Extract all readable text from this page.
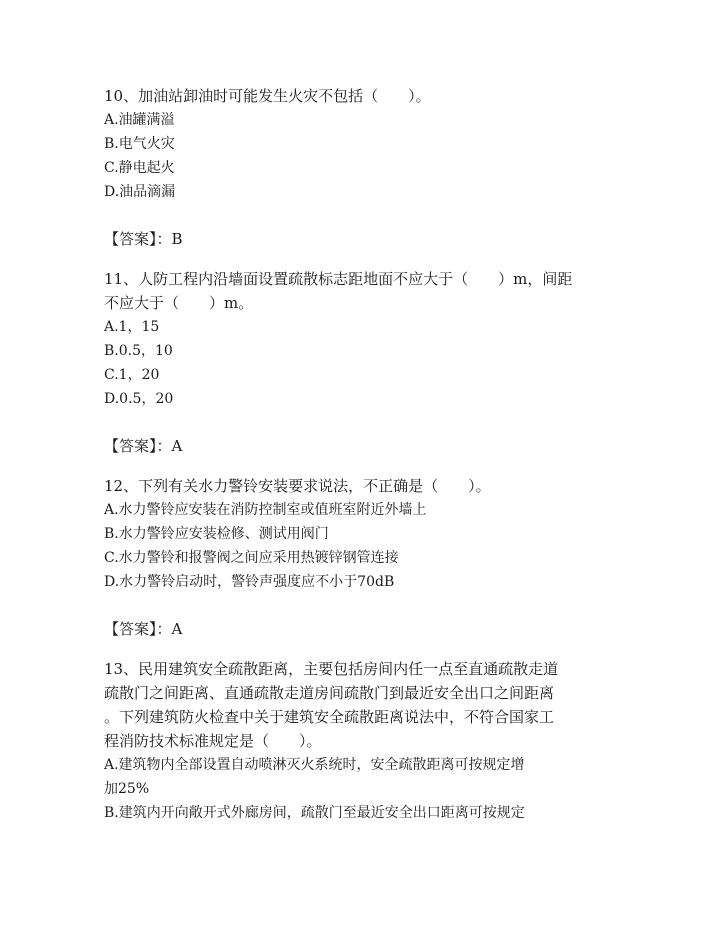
10、加油站卸油时可能发生火灾不包括（　　）。
A.油罐满溢
B.电气火灾
C.静电起火
D.油品滴漏
【答案】：B
11、人防工程内沿墙面设置疏散标志距地面不应大于（　　）m，间距
不应大于（　　）m。
A.1，15
B.0.5，10
C.1，20
D.0.5，20
【答案】：A
12、下列有关水力警铃安装要求说法，不正确是（　　）。
A.水力警铃应安装在消防控制室或值班室附近外墙上
B.水力警铃应安装检修、测试用阀门
C.水力警铃和报警阀之间应采用热镀锌钢管连接
D.水力警铃启动时，警铃声强度应不小于70dB
【答案】：A
13、民用建筑安全疏散距离，主要包括房间内任一点至直通疏散走道
疏散门之间距离、直通疏散走道房间疏散门到最近安全出口之间距离
。下列建筑防火检查中关于建筑安全疏散距离说法中，不符合国家工
程消防技术标准规定是（　　）。
A.建筑物内全部设置自动喷淋灭火系统时，安全疏散距离可按规定增
加25%
B.建筑内开向敞开式外廊房间，疏散门至最近安全出口距离可按规定
